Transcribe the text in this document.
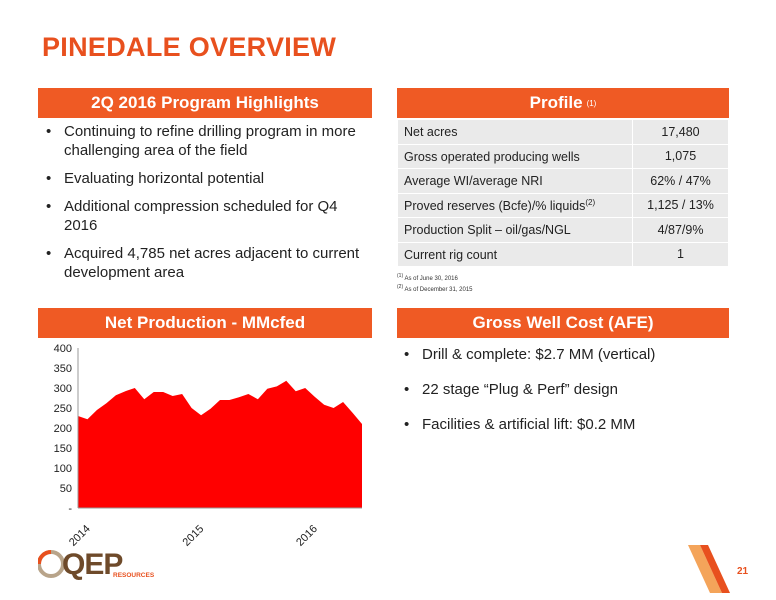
PINEDALE OVERVIEW
2Q 2016 Program Highlights
• Continuing to refine drilling program in more challenging area of the field
• Evaluating horizontal potential
• Additional compression scheduled for Q4 2016
• Acquired 4,785 net acres adjacent to current development area
Profile (1)
Net acres	17,480
Gross operated producing wells	1,075
Average WI/average NRI	62% / 47%
Proved reserves (Bcfe)/% liquids$^{(2)}$	1,125 / 13%
Production Split – oil/gas/NGL	4/87/9%
Current rig count	1
$^{(1)}$ As of June 30, 2016
$^{(2)}$ As of December 31, 2015
Net Production - MMcfed
-
50
100
150
200
250
300
350
400
2014	2015	2016
Gross Well Cost (AFE)
• Drill & complete: $2.7 MM (vertical)
• 22 stage “Plug & Perf” design
• Facilities & artificial lift: $0.2 MM
QEP
RESOURCES	21
